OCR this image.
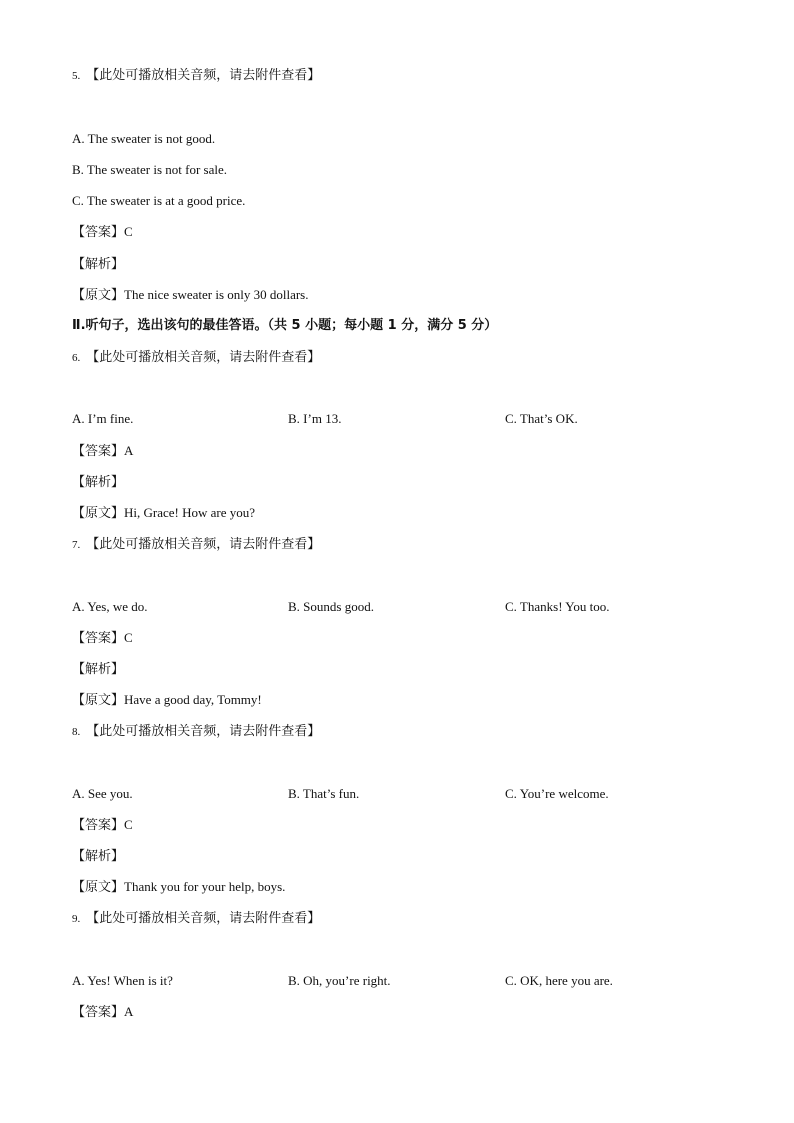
5. 【此处可播放相关音频，请去附件查看】
A. The sweater is not good.
B. The sweater is not for sale.
C. The sweater is at a good price.
【答案】C
【解析】
【原文】The nice sweater is only 30 dollars.
Ⅱ.听句子，选出该句的最佳答语。（共 5 小题；每小题 1 分，满分 5 分）
6. 【此处可播放相关音频，请去附件查看】
A. I’m fine.	B. I’m 13.	C. That’s OK.
【答案】A
【解析】
【原文】Hi, Grace! How are you?
7. 【此处可播放相关音频，请去附件查看】
A. Yes, we do.	B. Sounds good.	C. Thanks! You too.
【答案】C
【解析】
【原文】Have a good day, Tommy!
8. 【此处可播放相关音频，请去附件查看】
A. See you.	B. That’s fun.	C. You’re welcome.
【答案】C
【解析】
【原文】Thank you for your help, boys.
9. 【此处可播放相关音频，请去附件查看】
A. Yes! When is it?	B. Oh, you’re right.	C. OK, here you are.
【答案】A
